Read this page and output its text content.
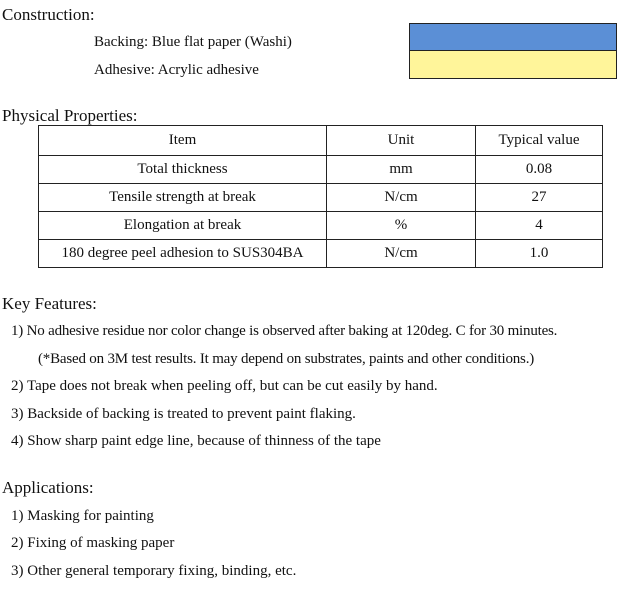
Construction:
Backing: Blue flat paper (Washi)
Adhesive: Acrylic adhesive
Physical Properties:
Item	Unit	Typical value
Total thickness	mm	0.08
Tensile strength at break	N/cm	27
Elongation at break	%	4
180 degree peel adhesion to SUS304BA	N/cm	1.0
Key Features:
1) No adhesive residue nor color change is observed after baking at 120deg. C for 30 minutes.
(*Based on 3M test results. It may depend on substrates, paints and other conditions.)
2) Tape does not break when peeling off, but can be cut easily by hand.
3) Backside of backing is treated to prevent paint flaking.
4) Show sharp paint edge line, because of thinness of the tape
Applications:
1) Masking for painting
2) Fixing of masking paper
3) Other general temporary fixing, binding, etc.
